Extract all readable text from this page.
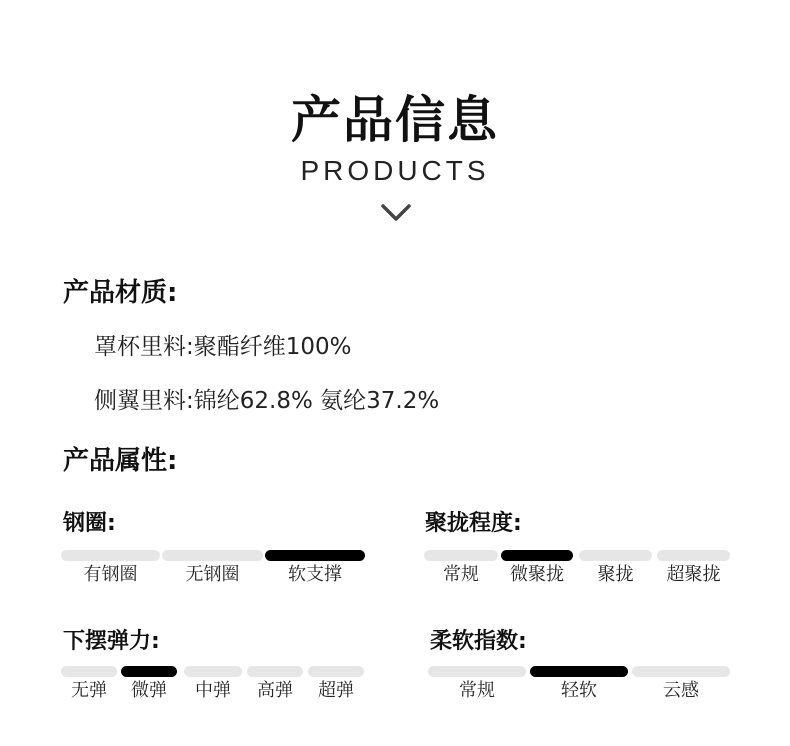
产品信息
PRODUCTS
产品材质:
罩杯里料:聚酯纤维100%
侧翼里料:锦纶62.8% 氨纶37.2%
产品属性:
钢圈:
有钢圈	无钢圈	软支撑
聚拢程度:
常规	微聚拢	聚拢	超聚拢
下摆弹力:
无弹	微弹	中弹	高弹	超弹
柔软指数:
常规	轻软	云感
